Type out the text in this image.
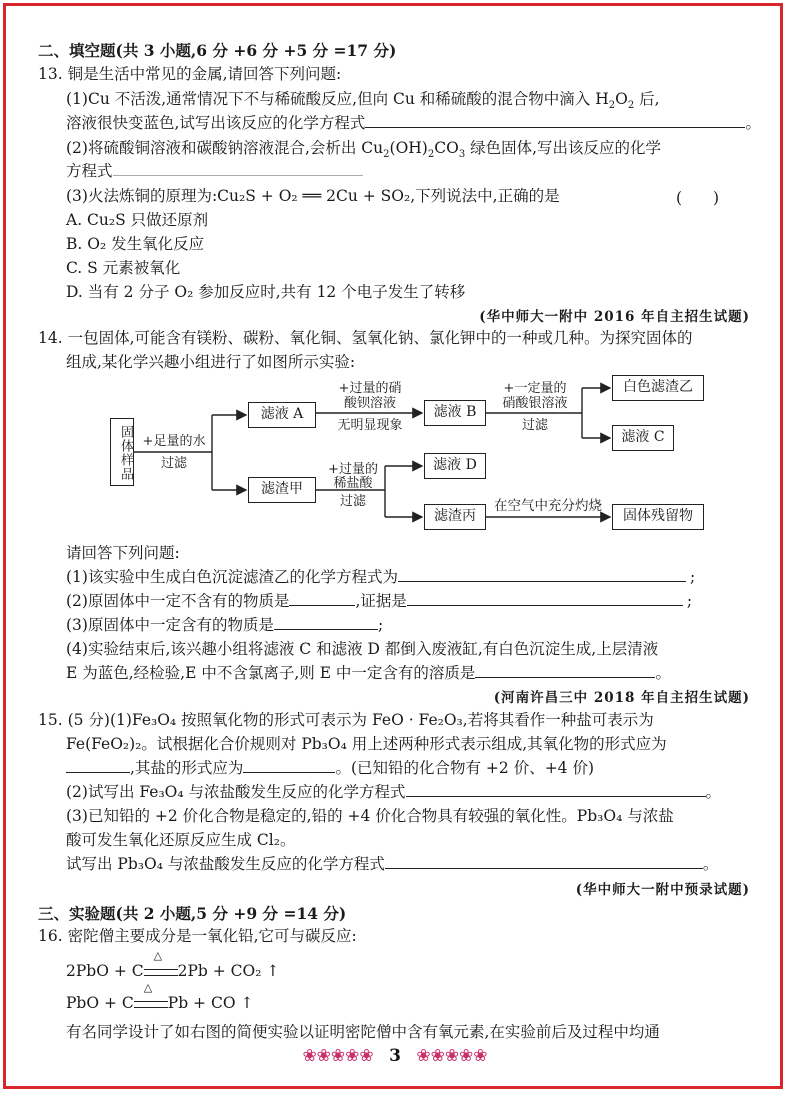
二、填空题(共 3 小题,6 分 +6 分 +5 分 =17 分)
13. 铜是生活中常见的金属,请回答下列问题:
(1)Cu 不活泼,通常情况下不与稀硫酸反应,但向 Cu 和稀硫酸的混合物中滴入 $H_2O_2$ 后,
溶液很快变蓝色,试写出该反应的化学方程式	。
(2)将硫酸铜溶液和碳酸钠溶液混合,会析出 $Cu_2(OH)_2CO_3$ 绿色固体,写出该反应的化学
方程式
(3)火法炼铜的原理为:Cu₂S + O₂ ══ 2Cu + SO₂,下列说法中,正确的是	(　　)
A. Cu₂S 只做还原剂
B. O₂ 发生氧化反应
C. S 元素被氧化
D. 当有 2 分子 O₂ 参加反应时,共有 12 个电子发生了转移
(华中师大一附中 2016 年自主招生试题)
14. 一包固体,可能含有镁粉、碳粉、氧化铜、氢氧化钠、氯化钾中的一种或几种。为探究固体的
组成,某化学兴趣小组进行了如图所示实验:
固体样品 +足量的水
过滤
滤液 A
+过量的硝
酸钡溶液
无明显现象
滤液 B
+一定量的
硝酸银溶液
过滤
白色滤渣乙
滤液 C
滤渣甲
+过量的
稀盐酸
过滤
滤液 D
滤渣丙
在空气中充分灼烧
固体残留物
请回答下列问题:
(1)该实验中生成白色沉淀滤渣乙的化学方程式为	;
(2)原固体中一定不含有的物质是	,证据是	;
(3)原固体中一定含有的物质是	;
(4)实验结束后,该兴趣小组将滤液 C 和滤液 D 都倒入废液缸,有白色沉淀生成,上层清液
E 为蓝色,经检验,E 中不含氯离子,则 E 中一定含有的溶质是	。
(河南许昌三中 2018 年自主招生试题)
15. (5 分)(1)Fe₃O₄ 按照氧化物的形式可表示为 FeO · Fe₂O₃,若将其看作一种盐可表示为
Fe(FeO₂)₂。试根据化合价规则对 Pb₃O₄ 用上述两种形式表示组成,其氧化物的形式应为
,其盐的形式应为	。(已知铅的化合物有 +2 价、+4 价)
(2)试写出 Fe₃O₄ 与浓盐酸发生反应的化学方程式	。
(3)已知铅的 +2 价化合物是稳定的,铅的 +4 价化合物具有较强的氧化性。Pb₃O₄ 与浓盐
酸可发生氧化还原反应生成 Cl₂。
试写出 Pb₃O₄ 与浓盐酸发生反应的化学方程式	。
(华中师大一附中预录试题)
三、实验题(共 2 小题,5 分 +9 分 =14 分)
16. 密陀僧主要成分是一氧化铅,它可与碳反应:
2PbO + C
△
2Pb + CO₂ ↑
PbO + C
△
Pb + CO ↑
有名同学设计了如右图的简便实验以证明密陀僧中含有氧元素,在实验前后及过程中均通
❀❀❀❀❀ 3 ❀❀❀❀❀
